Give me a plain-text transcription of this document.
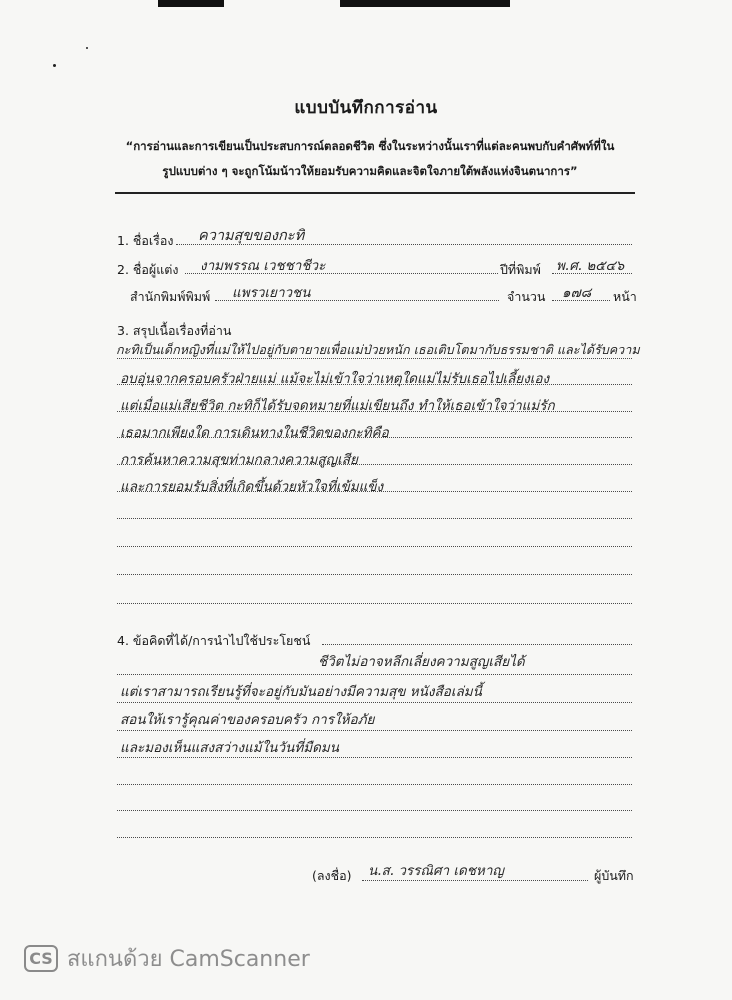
แบบบันทึกการอ่าน
“การอ่านและการเขียนเป็นประสบการณ์ตลอดชีวิต ซึ่งในระหว่างนั้นเราที่แต่ละคนพบกับคำศัพท์ที่ใน
รูปแบบต่าง ๆ จะถูกโน้มน้าวให้ยอมรับความคิดและจิตใจภายใต้พลังแห่งจินตนาการ”
1. ชื่อเรื่อง ความสุขของกะทิ
2. ชื่อผู้แต่ง งามพรรณ เวชชาชีวะ	ปีที่พิมพ์ พ.ศ. ๒๕๔๖
สำนักพิมพ์พิมพ์ แพรวเยาวชน	จำนวน ๑๗๘ หน้า
3. สรุปเนื้อเรื่องที่อ่าน
กะทิเป็นเด็กหญิงที่แม่ให้ไปอยู่กับตายายเพื่อแม่ป่วยหนัก เธอเติบโตมากับธรรมชาติ และได้รับความ
อบอุ่นจากครอบครัวฝ่ายแม่ แม้จะไม่เข้าใจว่าเหตุใดแม่ไม่รับเธอไปเลี้ยงเอง
แต่เมื่อแม่เสียชีวิต กะทิก็ได้รับจดหมายที่แม่เขียนถึง ทำให้เธอเข้าใจว่าแม่รัก
เธอมากเพียงใด การเดินทางในชีวิตของกะทิคือ
การค้นหาความสุขท่ามกลางความสูญเสีย
และการยอมรับสิ่งที่เกิดขึ้นด้วยหัวใจที่เข้มแข็ง
4. ข้อคิดที่ได้/การนำไปใช้ประโยชน์
ชีวิตไม่อาจหลีกเลี่ยงความสูญเสียได้
แต่เราสามารถเรียนรู้ที่จะอยู่กับมันอย่างมีความสุข หนังสือเล่มนี้
สอนให้เรารู้คุณค่าของครอบครัว การให้อภัย
และมองเห็นแสงสว่างแม้ในวันที่มืดมน
(ลงชื่อ) น.ส. วรรณิศา เดชหาญ	ผู้บันทึก
CS สแกนด้วย CamScanner
